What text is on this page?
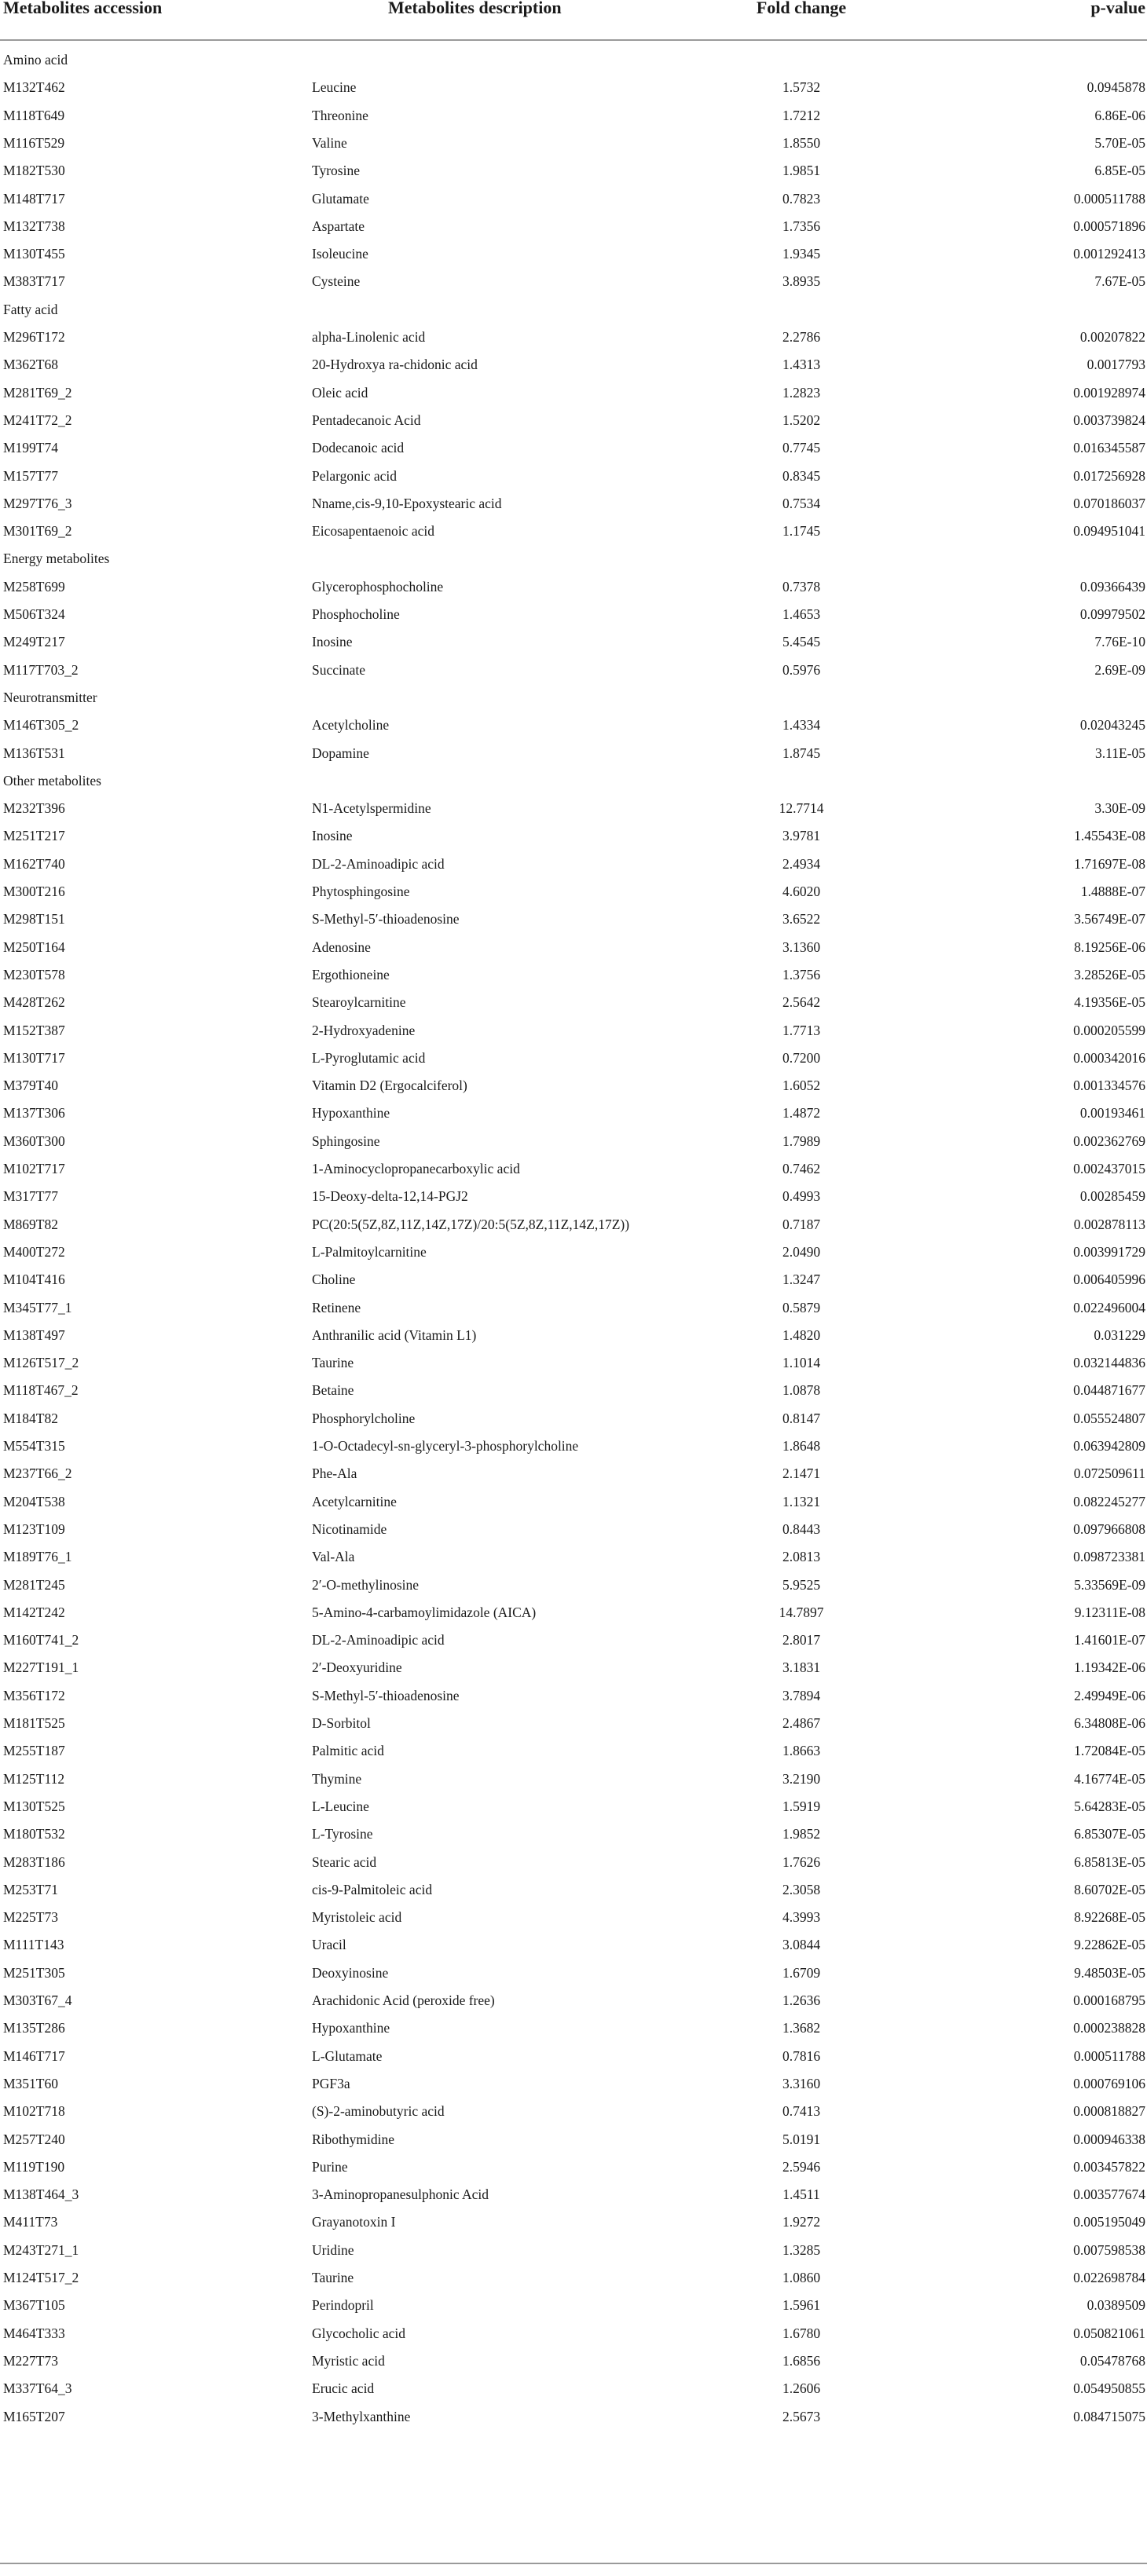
Metabolites accession	Metabolites description	Fold change	p-value
Amino acid
M132T462	Leucine	1.5732	0.0945878
M118T649	Threonine	1.7212	6.86E-06
M116T529	Valine	1.8550	5.70E-05
M182T530	Tyrosine	1.9851	6.85E-05
M148T717	Glutamate	0.7823	0.000511788
M132T738	Aspartate	1.7356	0.000571896
M130T455	Isoleucine	1.9345	0.001292413
M383T717	Cysteine	3.8935	7.67E-05
Fatty acid
M296T172	alpha-Linolenic acid	2.2786	0.00207822
M362T68	20-Hydroxya ra-chidonic acid	1.4313	0.0017793
M281T69_2	Oleic acid	1.2823	0.001928974
M241T72_2	Pentadecanoic Acid	1.5202	0.003739824
M199T74	Dodecanoic acid	0.7745	0.016345587
M157T77	Pelargonic acid	0.8345	0.017256928
M297T76_3	Nname,cis-9,10-Epoxystearic acid	0.7534	0.070186037
M301T69_2	Eicosapentaenoic acid	1.1745	0.094951041
Energy metabolites
M258T699	Glycerophosphocholine	0.7378	0.09366439
M506T324	Phosphocholine	1.4653	0.09979502
M249T217	Inosine	5.4545	7.76E-10
M117T703_2	Succinate	0.5976	2.69E-09
Neurotransmitter
M146T305_2	Acetylcholine	1.4334	0.02043245
M136T531	Dopamine	1.8745	3.11E-05
Other metabolites
M232T396	N1-Acetylspermidine	12.7714	3.30E-09
M251T217	Inosine	3.9781	1.45543E-08
M162T740	DL-2-Aminoadipic acid	2.4934	1.71697E-08
M300T216	Phytosphingosine	4.6020	1.4888E-07
M298T151	S-Methyl-5′-thioadenosine	3.6522	3.56749E-07
M250T164	Adenosine	3.1360	8.19256E-06
M230T578	Ergothioneine	1.3756	3.28526E-05
M428T262	Stearoylcarnitine	2.5642	4.19356E-05
M152T387	2-Hydroxyadenine	1.7713	0.000205599
M130T717	L-Pyroglutamic acid	0.7200	0.000342016
M379T40	Vitamin D2 (Ergocalciferol)	1.6052	0.001334576
M137T306	Hypoxanthine	1.4872	0.00193461
M360T300	Sphingosine	1.7989	0.002362769
M102T717	1-Aminocyclopropanecarboxylic acid	0.7462	0.002437015
M317T77	15-Deoxy-delta-12,14-PGJ2	0.4993	0.00285459
M869T82	PC(20:5(5Z,8Z,11Z,14Z,17Z)/20:5(5Z,8Z,11Z,14Z,17Z))	0.7187	0.002878113
M400T272	L-Palmitoylcarnitine	2.0490	0.003991729
M104T416	Choline	1.3247	0.006405996
M345T77_1	Retinene	0.5879	0.022496004
M138T497	Anthranilic acid (Vitamin L1)	1.4820	0.031229
M126T517_2	Taurine	1.1014	0.032144836
M118T467_2	Betaine	1.0878	0.044871677
M184T82	Phosphorylcholine	0.8147	0.055524807
M554T315	1-O-Octadecyl-sn-glyceryl-3-phosphorylcholine	1.8648	0.063942809
M237T66_2	Phe-Ala	2.1471	0.072509611
M204T538	Acetylcarnitine	1.1321	0.082245277
M123T109	Nicotinamide	0.8443	0.097966808
M189T76_1	Val-Ala	2.0813	0.098723381
M281T245	2′-O-methylinosine	5.9525	5.33569E-09
M142T242	5-Amino-4-carbamoylimidazole (AICA)	14.7897	9.12311E-08
M160T741_2	DL-2-Aminoadipic acid	2.8017	1.41601E-07
M227T191_1	2′-Deoxyuridine	3.1831	1.19342E-06
M356T172	S-Methyl-5′-thioadenosine	3.7894	2.49949E-06
M181T525	D-Sorbitol	2.4867	6.34808E-06
M255T187	Palmitic acid	1.8663	1.72084E-05
M125T112	Thymine	3.2190	4.16774E-05
M130T525	L-Leucine	1.5919	5.64283E-05
M180T532	L-Tyrosine	1.9852	6.85307E-05
M283T186	Stearic acid	1.7626	6.85813E-05
M253T71	cis-9-Palmitoleic acid	2.3058	8.60702E-05
M225T73	Myristoleic acid	4.3993	8.92268E-05
M111T143	Uracil	3.0844	9.22862E-05
M251T305	Deoxyinosine	1.6709	9.48503E-05
M303T67_4	Arachidonic Acid (peroxide free)	1.2636	0.000168795
M135T286	Hypoxanthine	1.3682	0.000238828
M146T717	L-Glutamate	0.7816	0.000511788
M351T60	PGF3a	3.3160	0.000769106
M102T718	(S)-2-aminobutyric acid	0.7413	0.000818827
M257T240	Ribothymidine	5.0191	0.000946338
M119T190	Purine	2.5946	0.003457822
M138T464_3	3-Aminopropanesulphonic Acid	1.4511	0.003577674
M411T73	Grayanotoxin I	1.9272	0.005195049
M243T271_1	Uridine	1.3285	0.007598538
M124T517_2	Taurine	1.0860	0.022698784
M367T105	Perindopril	1.5961	0.0389509
M464T333	Glycocholic acid	1.6780	0.050821061
M227T73	Myristic acid	1.6856	0.05478768
M337T64_3	Erucic acid	1.2606	0.054950855
M165T207	3-Methylxanthine	2.5673	0.084715075
